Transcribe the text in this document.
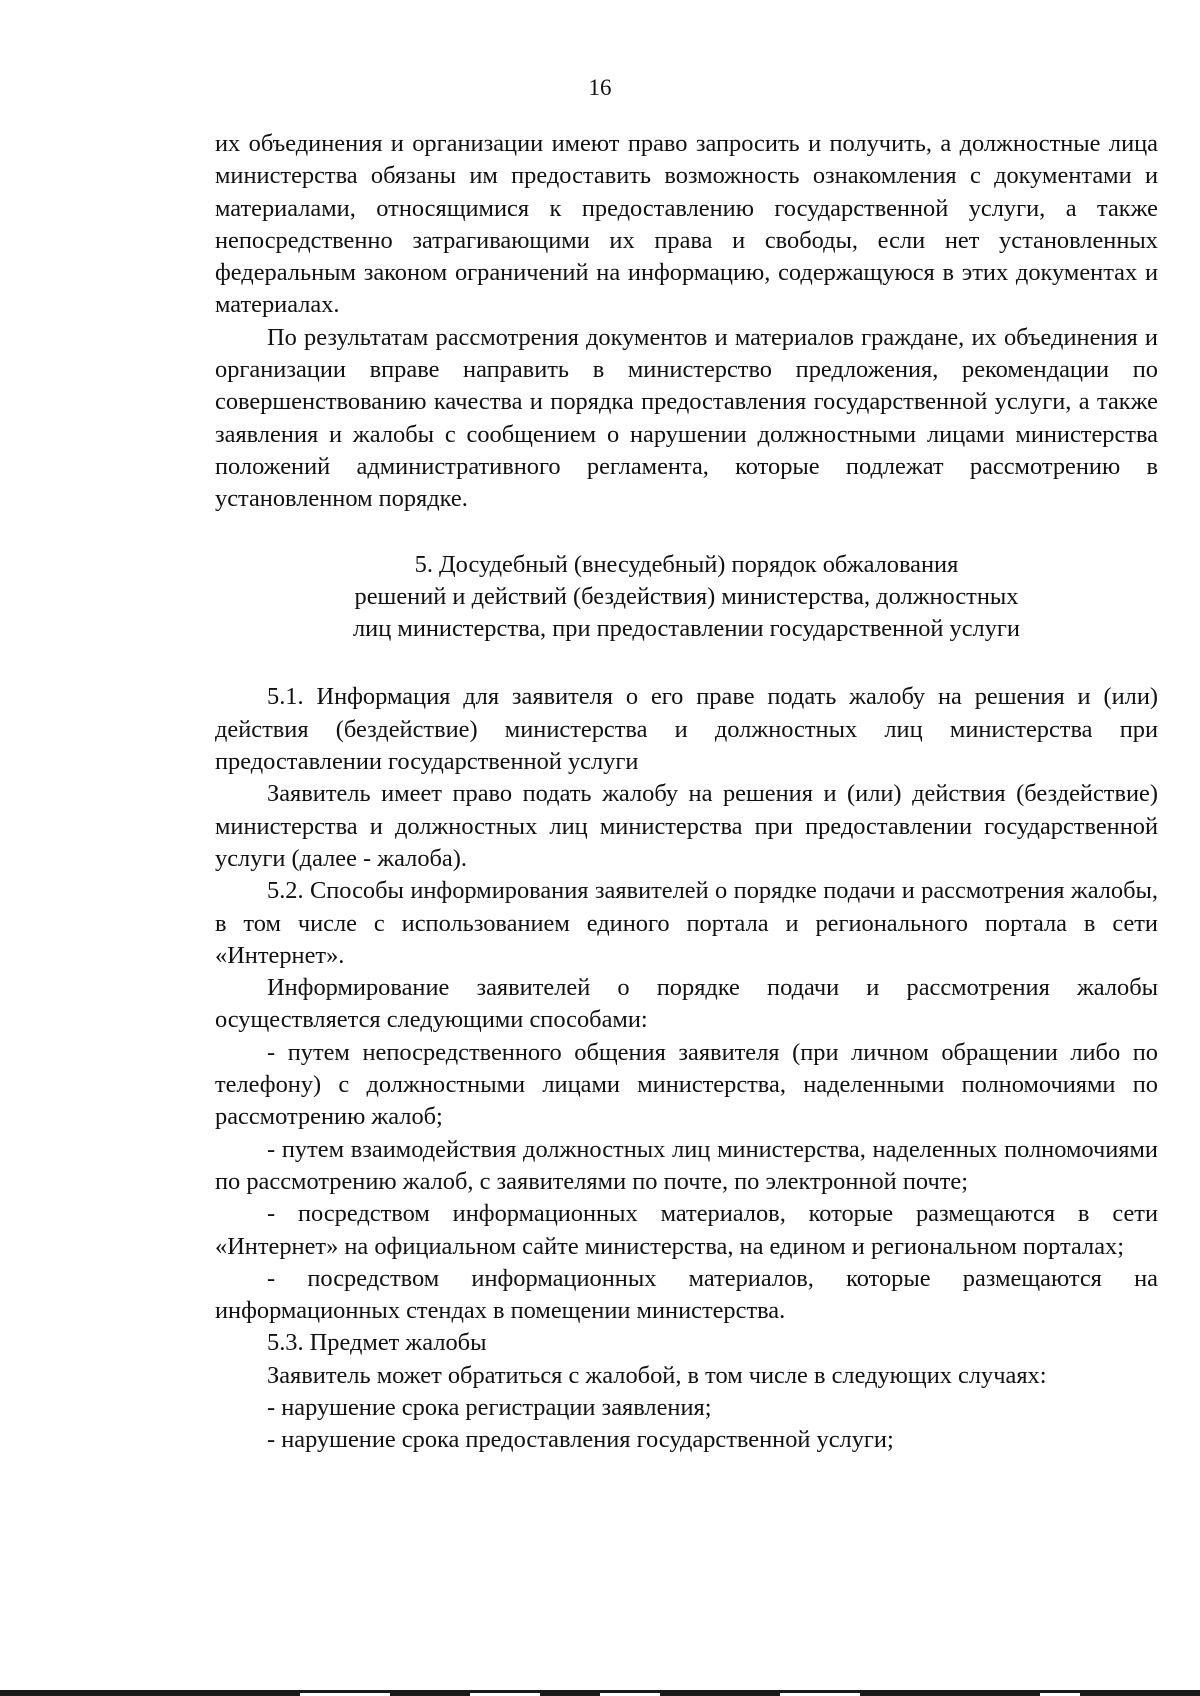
16

их объединения и организации имеют право запросить и получить, а должностные лица министерства обязаны им предоставить возможность ознакомления с документами и материалами, относящимися к предоставлению государственной услуги, а также непосредственно затрагивающими их права и свободы, если нет установленных федеральным законом ограничений на информацию, содержащуюся в этих документах и материалах.

По результатам рассмотрения документов и материалов граждане, их объединения и организации вправе направить в министерство предложения, рекомендации по совершенствованию качества и порядка предоставления государственной услуги, а также заявления и жалобы с сообщением о нарушении должностными лицами министерства положений административного регламента, которые подлежат рассмотрению в установленном порядке.

5. Досудебный (внесудебный) порядок обжалования
решений и действий (бездействия) министерства, должностных
лиц министерства, при предоставлении государственной услуги

5.1. Информация для заявителя о его праве подать жалобу на решения и (или) действия (бездействие) министерства и должностных лиц министерства при предоставлении государственной услуги

Заявитель имеет право подать жалобу на решения и (или) действия (бездействие) министерства и должностных лиц министерства при предоставлении государственной услуги (далее - жалоба).

5.2. Способы информирования заявителей о порядке подачи и рассмотрения жалобы, в том числе с использованием единого портала и регионального портала в сети «Интернет».

Информирование заявителей о порядке подачи и рассмотрения жалобы осуществляется следующими способами:

- путем непосредственного общения заявителя (при личном обращении либо по телефону) с должностными лицами министерства, наделенными полномочиями по рассмотрению жалоб;

- путем взаимодействия должностных лиц министерства, наделенных полномочиями по рассмотрению жалоб, с заявителями по почте, по электронной почте;

- посредством информационных материалов, которые размещаются в сети «Интернет» на официальном сайте министерства, на едином и региональном порталах;

- посредством информационных материалов, которые размещаются на информационных стендах в помещении министерства.

5.3. Предмет жалобы

Заявитель может обратиться с жалобой, в том числе в следующих случаях:

- нарушение срока регистрации заявления;

- нарушение срока предоставления государственной услуги;
